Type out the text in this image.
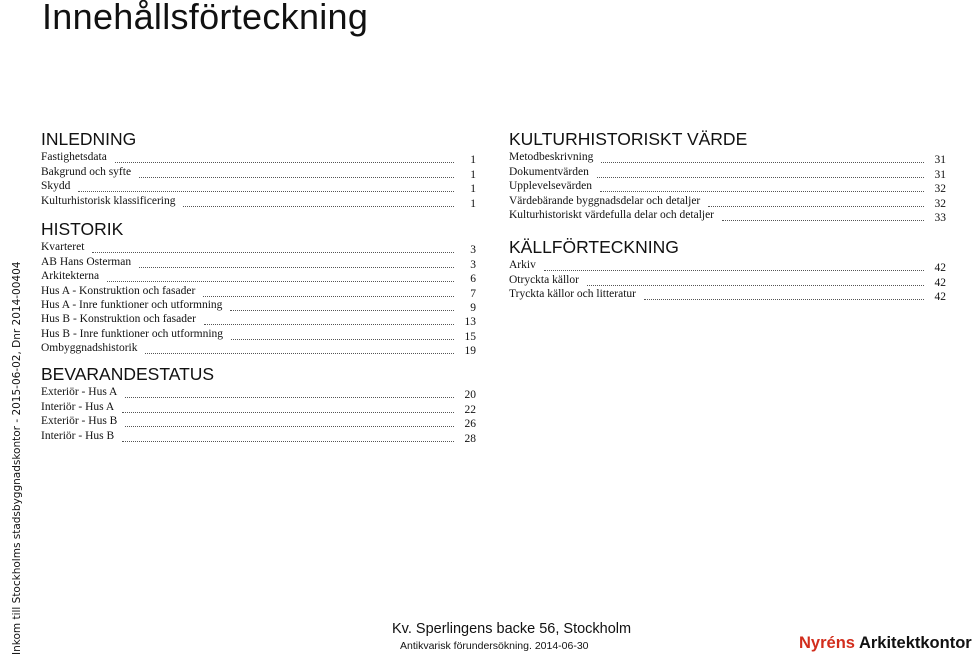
Innehållsförteckning
Inkom till Stockholms stadsbyggnadskontor - 2015-06-02, Dnr 2014-00404
INLEDNING
Fastighetsdata	1
Bakgrund och syfte	1
Skydd	1
Kulturhistorisk klassificering	1
HISTORIK
Kvarteret	3
AB Hans Osterman	3
Arkitekterna	6
Hus A - Konstruktion och fasader	7
Hus A - Inre funktioner och utformning	9
Hus B - Konstruktion och fasader	13
Hus B - Inre funktioner och utformning	15
Ombyggnadshistorik	19
BEVARANDESTATUS
Exteriör - Hus A	20
Interiör - Hus A	22
Exteriör - Hus B	26
Interiör - Hus B	28
KULTURHISTORISKT VÄRDE
Metodbeskrivning	31
Dokumentvärden	31
Upplevelsevärden	32
Värdebärande byggnadsdelar och detaljer	32
Kulturhistoriskt värdefulla delar och detaljer	33
KÄLLFÖRTECKNING
Arkiv	42
Otryckta källor	42
Tryckta källor och litteratur	42
Kv. Sperlingens backe 56, Stockholm
Antikvarisk förundersökning. 2014-06-30	Nyréns Arkitektkontor
